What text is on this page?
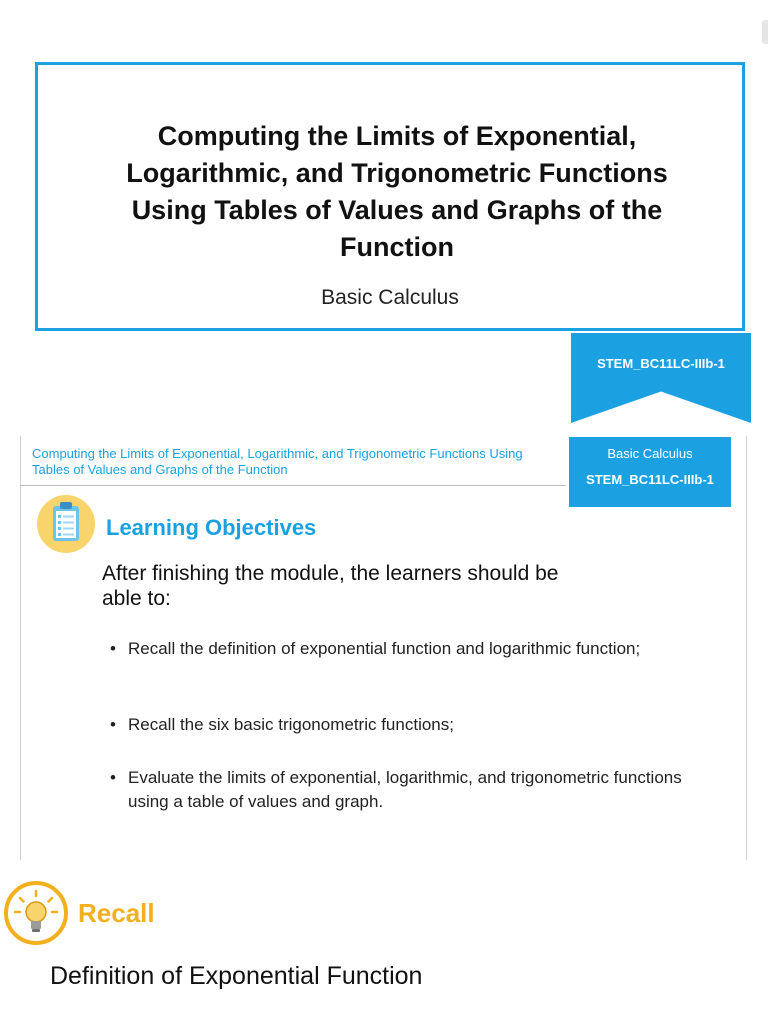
Computing the Limits of Exponential,
Logarithmic, and Trigonometric Functions
Using Tables of Values and Graphs of the
Function
Basic Calculus
STEM_BC11LC-IIIb-1
Computing the Limits of Exponential, Logarithmic, and Trigonometric Functions Using Tables of Values and Graphs of the Function
Basic Calculus
STEM_BC11LC-IIIb-1
Learning Objectives
After finishing the module, the learners should be able to:
• Recall the definition of exponential function and logarithmic function;
• Recall the six basic trigonometric functions;
• Evaluate the limits of exponential, logarithmic, and trigonometric functions using a table of values and graph.
Recall
Definition of Exponential Function
